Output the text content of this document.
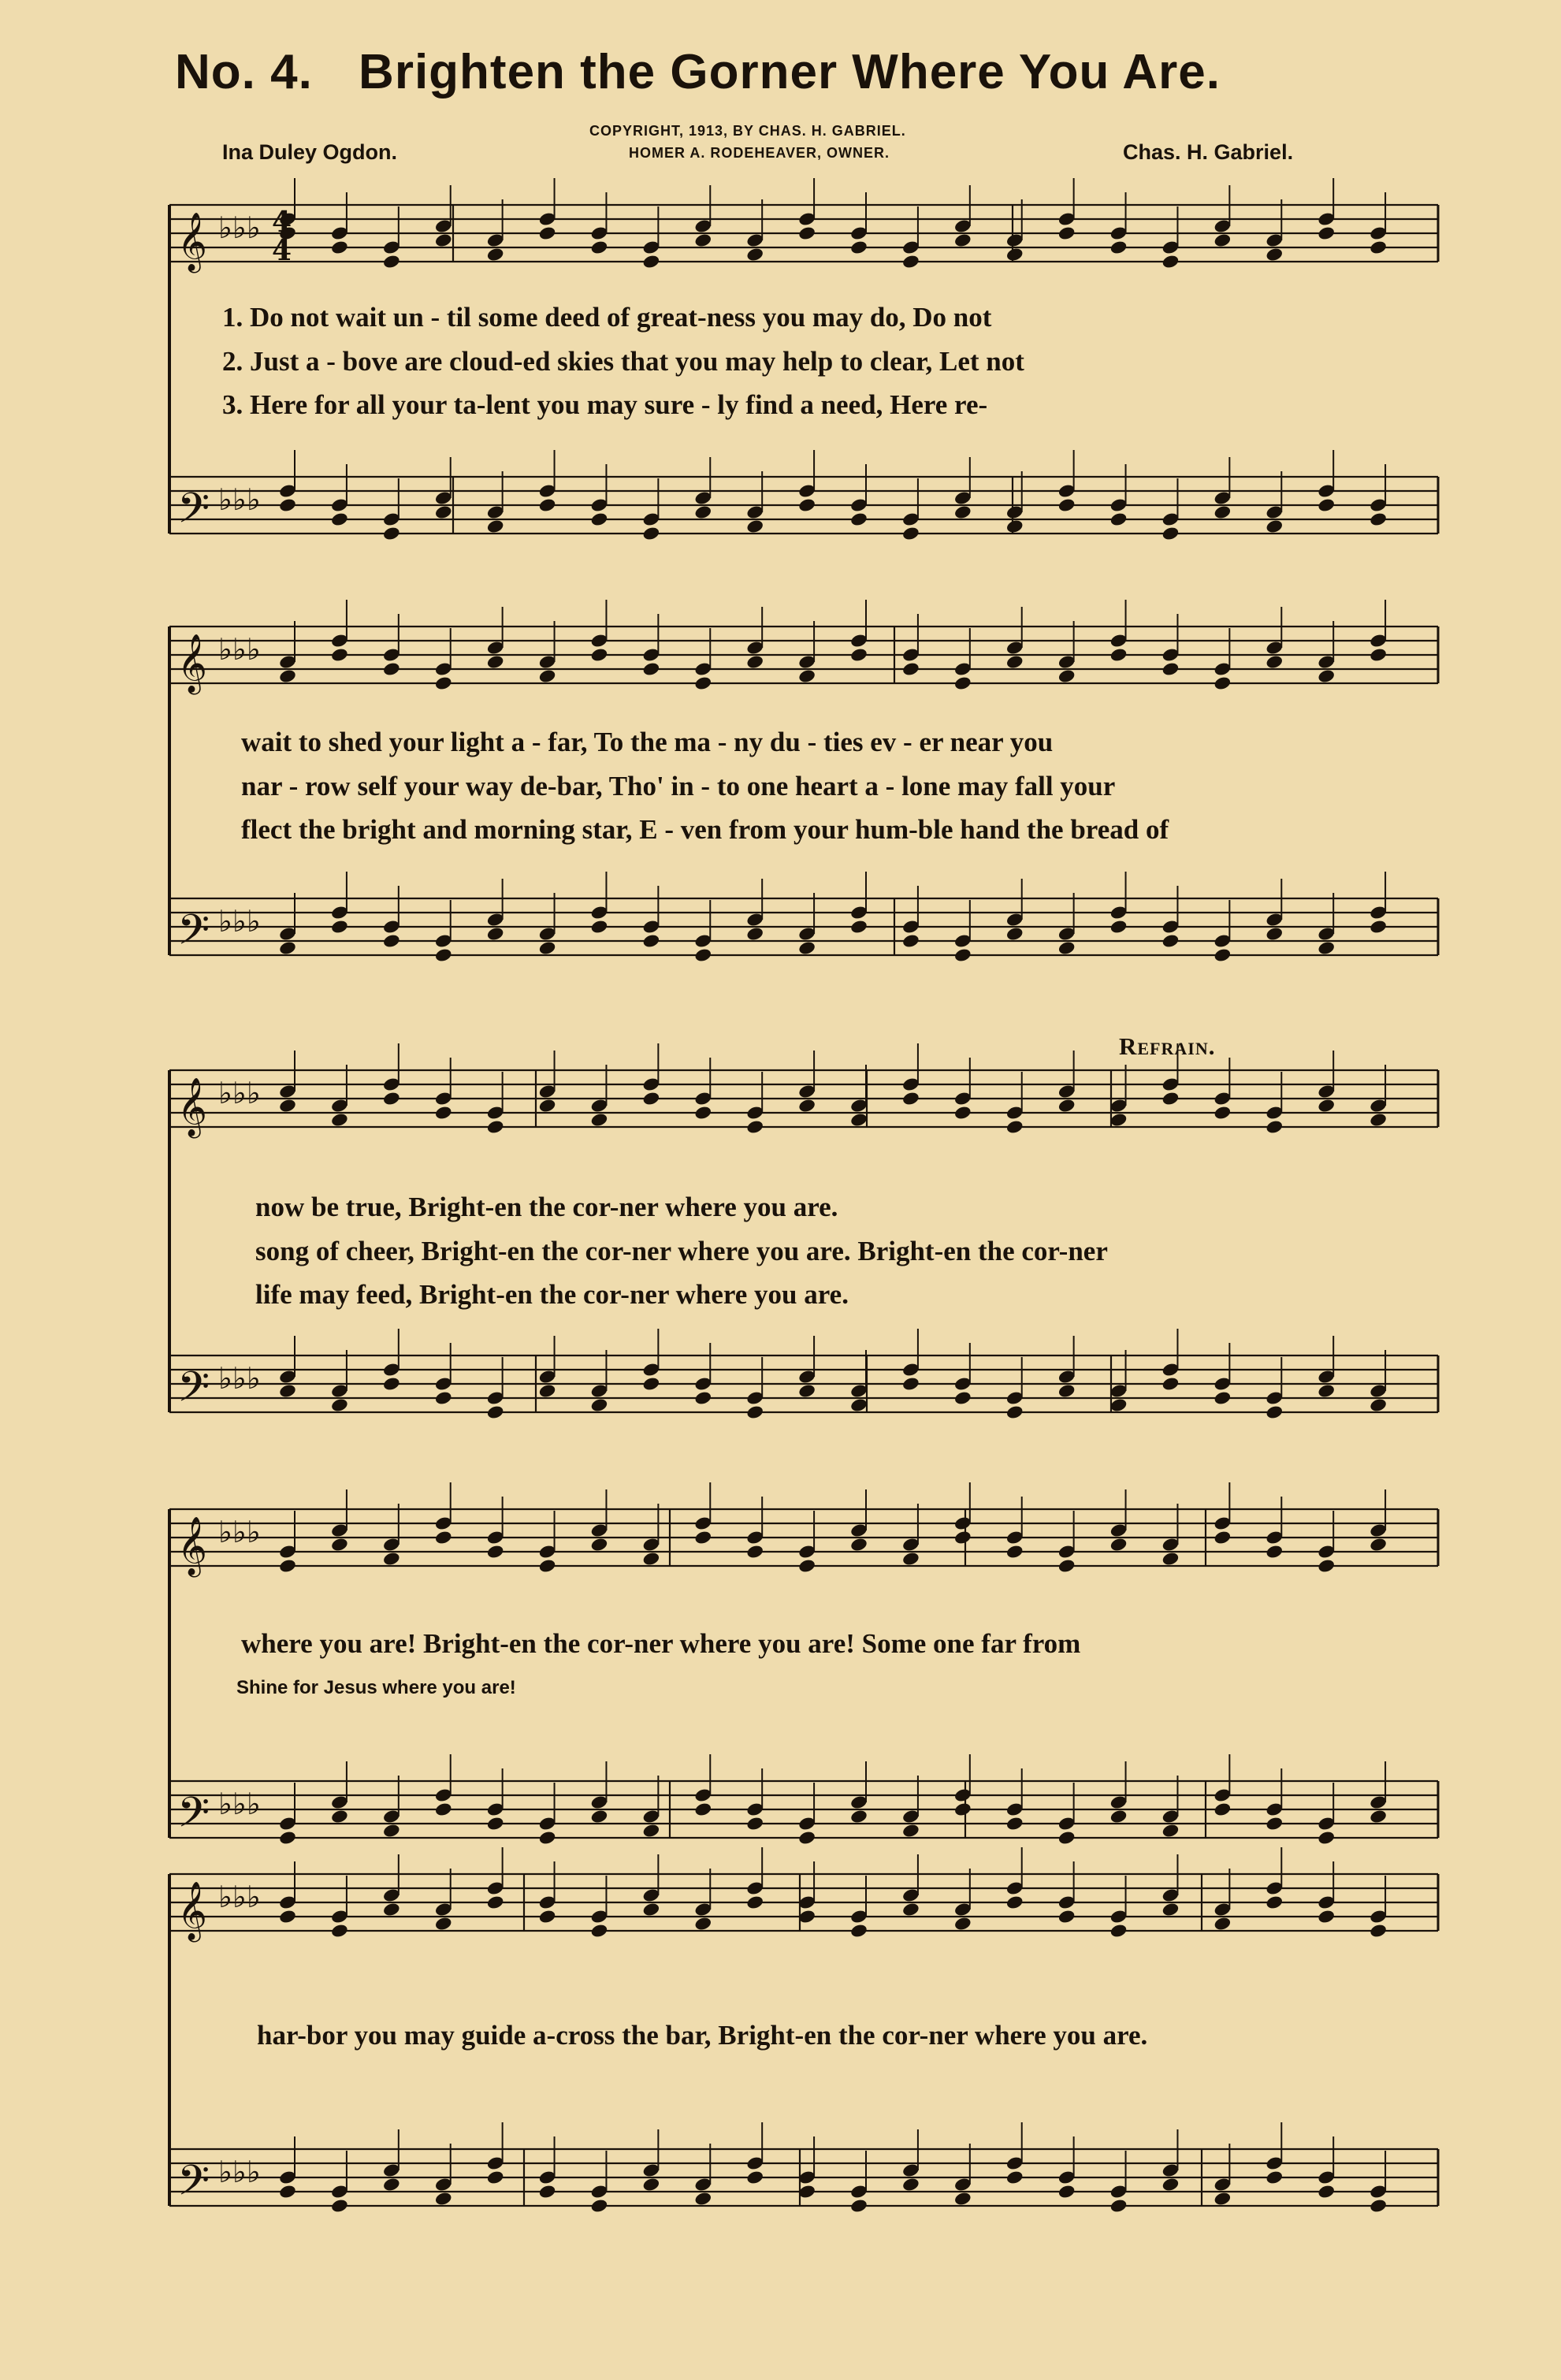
No. 4. Brighten the Gorner Where You Are.
Ina Duley Ogdon.
COPYRIGHT, 1913, BY CHAS. H. GABRIEL.
HOMER A. RODEHEAVER, OWNER.	Chas. H. Gabriel.
𝄞 ♭♭♭
𝄢 ♭♭♭
4
4
𝄞 ♭♭♭
𝄢 ♭♭♭
𝄞 ♭♭♭
𝄢 ♭♭♭
𝄞 ♭♭♭
𝄢 ♭♭♭
𝄞 ♭♭♭
𝄢 ♭♭♭
1. Do not wait un - til some deed of great-ness you may do, Do not
2. Just a - bove are cloud-ed skies that you may help to clear, Let not
3. Here for all your ta-lent you may sure - ly find a need, Here re-
wait to shed your light a - far, To the ma - ny du - ties ev - er near you
nar - row self your way de-bar, Tho' in - to one heart a - lone may fall your
flect the bright and morning star, E - ven from your hum-ble hand the bread of
Refrain.
now be true, Bright-en the cor-ner where you are.
song of cheer, Bright-en the cor-ner where you are. Bright-en the cor-ner
life may feed, Bright-en the cor-ner where you are.
where you are! Bright-en the cor-ner where you are! Some one far from
Shine for Jesus where you are!
har-bor you may guide a-cross the bar, Bright-en the cor-ner where you are.
